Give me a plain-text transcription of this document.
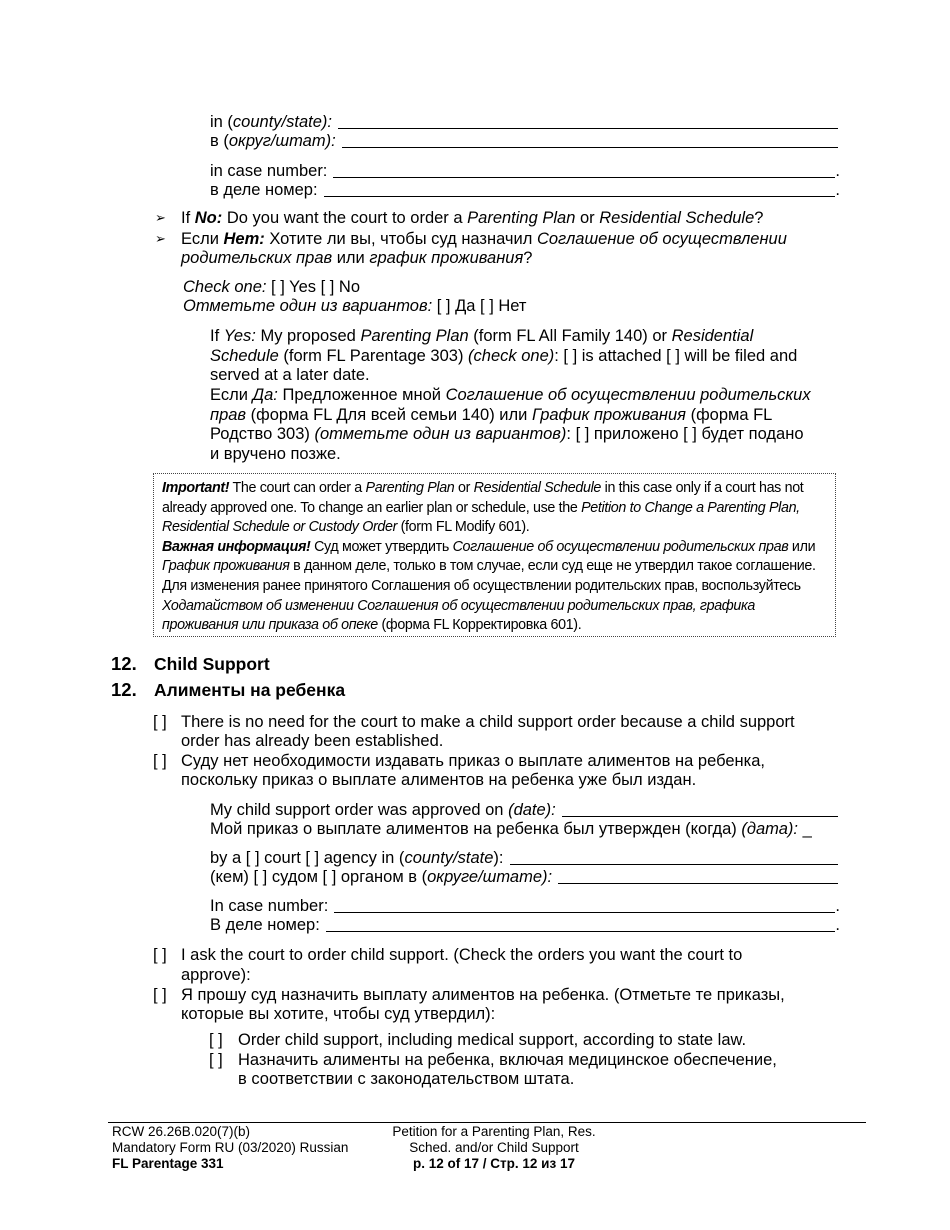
in (county/state):
в (округ/штат):
in case number:	.
в деле номер:	.
➢ If No: Do you want the court to order a Parenting Plan or Residential Schedule?
➢ Если Нет: Хотите ли вы, чтобы суд назначил Соглашение об осуществлении
родительских прав или график проживания?
Check one: [ ] Yes [ ] No
Отметьте один из вариантов: [ ] Да [ ] Нет
If Yes: My proposed Parenting Plan (form FL All Family 140) or Residential
Schedule (form FL Parentage 303) (check one): [ ] is attached [ ] will be filed and
served at a later date.
Если Да: Предложенное мной Соглашение об осуществлении родительских
прав (форма FL Для всей семьи 140) или График проживания (форма FL
Родство 303) (отметьте один из вариантов): [ ] приложено [ ] будет подано
и вручено позже.

Important! The court can order a Parenting Plan or Residential Schedule in this case only if a court has not already approved one. To change an earlier plan or schedule, use the Petition to Change a Parenting Plan, Residential Schedule or Custody Order (form FL Modify 601).

Важная информация! Суд может утвердить Соглашение об осуществлении родительских прав или График проживания в данном деле, только в том случае, если суд еще не утвердил такое соглашение. Для изменения ранее принятого Соглашения об осуществлении родительских прав, воспользуйтесь Ходатайством об изменении Соглашения об осуществлении родительских прав, графика проживания или приказа об опеке (форма FL Корректировка 601).

12. Child Support
12. Алименты на ребенка
[ ] There is no need for the court to make a child support order because a child support
order has already been established.
[ ] Суду нет необходимости издавать приказ о выплате алиментов на ребенка,
поскольку приказ о выплате алиментов на ребенка уже был издан.
My child support order was approved on (date):
Мой приказ о выплате алиментов на ребенка был утвержден (когда) (дата): _
by a [ ] court [ ] agency in (county/state):
(кем) [ ] судом [ ] органом в (округе/штате):
In case number:	.
В деле номер:	.
[ ] I ask the court to order child support. (Check the orders you want the court to
approve):
[ ] Я прошу суд назначить выплату алиментов на ребенка. (Отметьте те приказы,
которые вы хотите, чтобы суд утвердил):
[ ] Order child support, including medical support, according to state law.
[ ] Назначить алименты на ребенка, включая медицинское обеспечение,
в соответствии с законодательством штата.
RCW 26.26B.020(7)(b)
Mandatory Form RU (03/2020) Russian
FL Parentage 331
Petition for a Parenting Plan, Res.
Sched. and/or Child Support
p. 12 of 17 / Стр. 12 из 17
